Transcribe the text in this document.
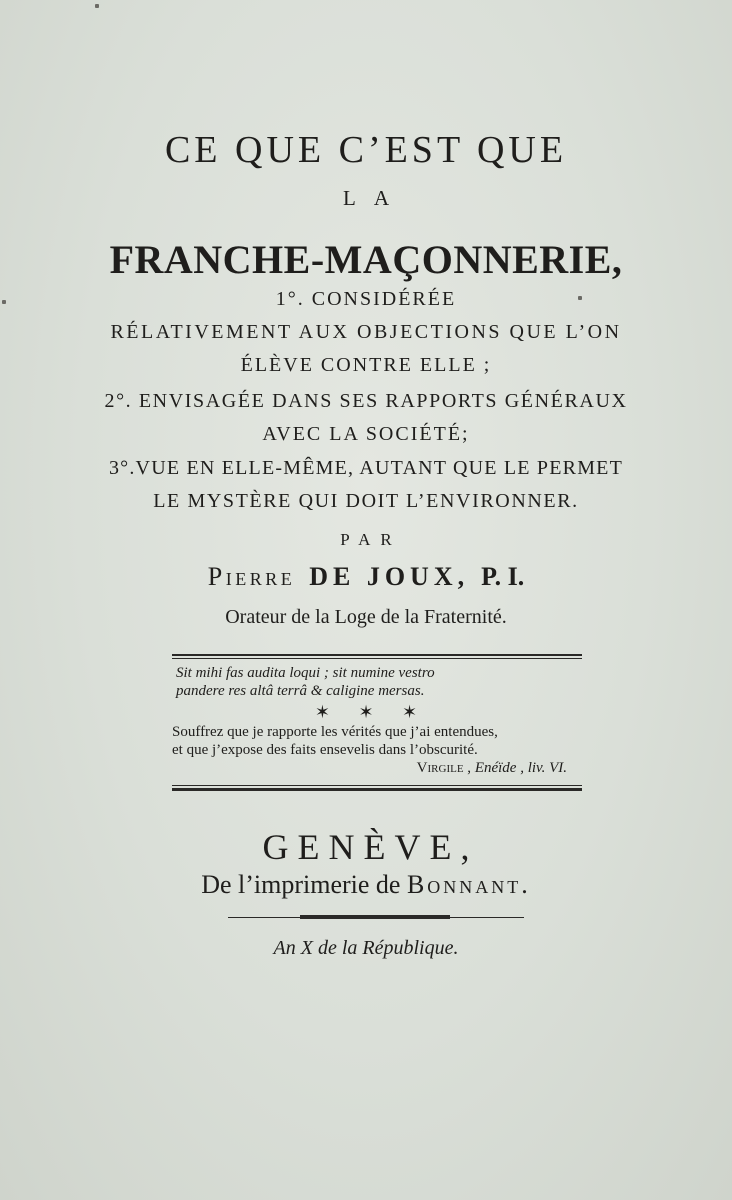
CE QUE C’EST QUE
LA
FRANCHE-MAÇONNERIE,
1°. CONSIDÉRÉE
RÉLATIVEMENT AUX OBJECTIONS QUE L’ON
ÉLÈVE CONTRE ELLE ;
2°. ENVISAGÉE DANS SES RAPPORTS GÉNÉRAUX
AVEC LA SOCIÉTÉ;
3°.VUE EN ELLE-MÊME, AUTANT QUE LE PERMET
LE MYSTÈRE QUI DOIT L’ENVIRONNER.
PAR
Pierre DE JOUX, P. I.
Orateur de la Loge de la Fraternité.
Sit mihi fas audita loqui ; sit numine vestro
pandere res altâ terrâ & caligine mersas.
✶ ✶ ✶
Souffrez que je rapporte les vérités que j’ai entendues,
et que j’expose des faits ensevelis dans l’obscurité.
Virgile , Enéïde , liv. VI.
GENÈVE,
De l’imprimerie de Bonnant.
An X de la République.
